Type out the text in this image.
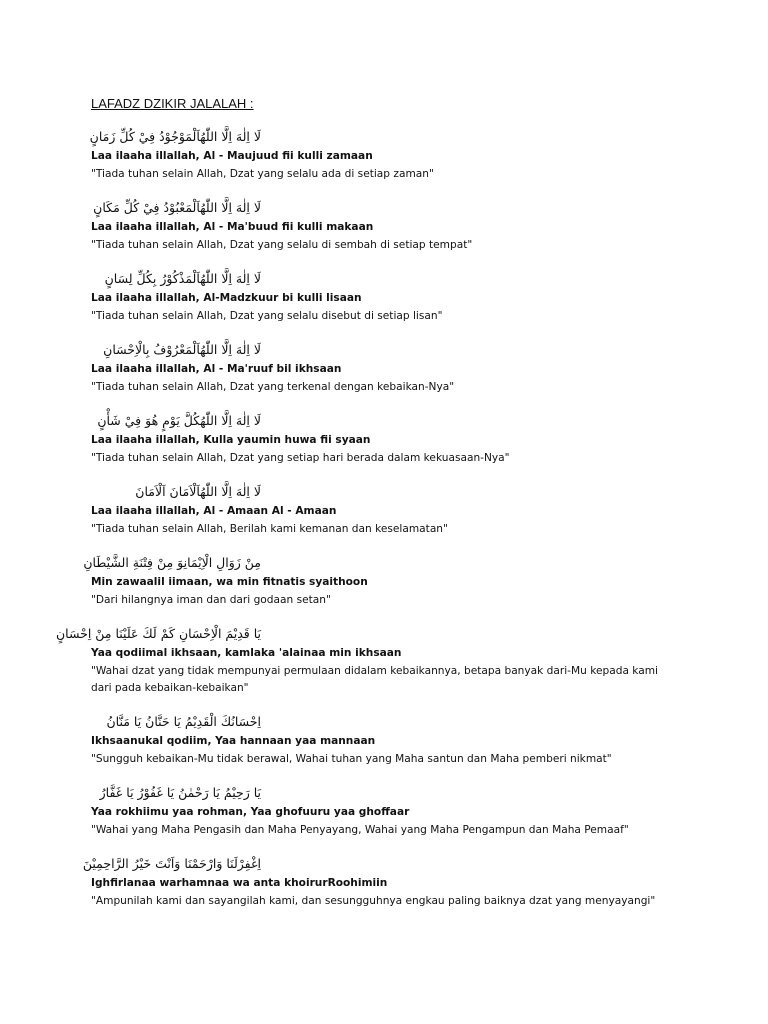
LAFADZ DZIKIR JALALAH :
لَا اِلٰهَ اِلَّا اللّٰهُاَلْمَوْجُوْدُ فِيْ كُلِّ زَمَانٍ
Laa ilaaha illallah, Al - Maujuud fii kulli zamaan
"Tiada tuhan selain Allah, Dzat yang selalu ada di setiap zaman"
لَا اِلٰهَ اِلَّا اللّٰهُاَلْمَعْبُوْدُ فِيْ كُلِّ مَكَانٍ
Laa ilaaha illallah, Al - Ma'buud fii kulli makaan
"Tiada tuhan selain Allah, Dzat yang selalu di sembah di setiap tempat"
لَا اِلٰهَ اِلَّا اللّٰهُاَلْمَذْكُوْرُ بِكُلِّ لِسَانٍ
Laa ilaaha illallah, Al-Madzkuur bi kulli lisaan
"Tiada tuhan selain Allah, Dzat yang selalu disebut di setiap lisan"
لَا اِلٰهَ اِلَّا اللّٰهُاَلْمَعْرُوْفُ بِالْاِحْسَانِ
Laa ilaaha illallah, Al - Ma'ruuf bil ikhsaan
"Tiada tuhan selain Allah, Dzat yang terkenal dengan kebaikan-Nya"
لَا اِلٰهَ اِلَّا اللّٰهُكُلَّ يَوْمٍ هُوَ فِيْ شَأْنٍ
Laa ilaaha illallah, Kulla yaumin huwa fii syaan
"Tiada tuhan selain Allah, Dzat yang setiap hari berada dalam kekuasaan-Nya"
لَا اِلٰهَ اِلَّا اللّٰهُاَلْاَمَانَ اَلْاَمَانَ
Laa ilaaha illallah, Al - Amaan Al - Amaan
"Tiada tuhan selain Allah, Berilah kami kemanan dan keselamatan"
مِنْ زَوَالِ الْاِيْمَانِوَ مِنْ فِتْنَةِ الشَّيْطَانِ
Min zawaalil iimaan, wa min fitnatis syaithoon
"Dari hilangnya iman dan dari godaan setan"
يَا قَدِيْمَ الْاِحْسَانِ كَمْ لَكَ عَلَيْنَا مِنْ اِحْسَانٍ
Yaa qodiimal ikhsaan, kamlaka 'alainaa min ikhsaan
"Wahai dzat yang tidak mempunyai permulaan didalam kebaikannya, betapa banyak dari-Mu kepada kami dari pada kebaikan-kebaikan"
اِحْسَانُكَ الْقَدِيْمُ يَا حَنَّانُ يَا مَنَّانُ
Ikhsaanukal qodiim, Yaa hannaan yaa mannaan
"Sungguh kebaikan-Mu tidak berawal, Wahai tuhan yang Maha santun dan Maha pemberi nikmat"
يَا رَحِيْمُ يَا رَحْمٰنُ يَا غَفُوْرُ يَا غَفَّارُ
Yaa rokhiimu yaa rohman, Yaa ghofuuru yaa ghoffaar
"Wahai yang Maha Pengasih dan Maha Penyayang, Wahai yang Maha Pengampun dan Maha Pemaaf"
اِغْفِرْلَنَا وَارْحَمْنَا وَاَنْتَ خَيْرُ الرَّاحِمِيْنَ
Ighfirlanaa warhamnaa wa anta khoirurRoohimiin
"Ampunilah kami dan sayangilah kami, dan sesungguhnya engkau paling baiknya dzat yang menyayangi"
